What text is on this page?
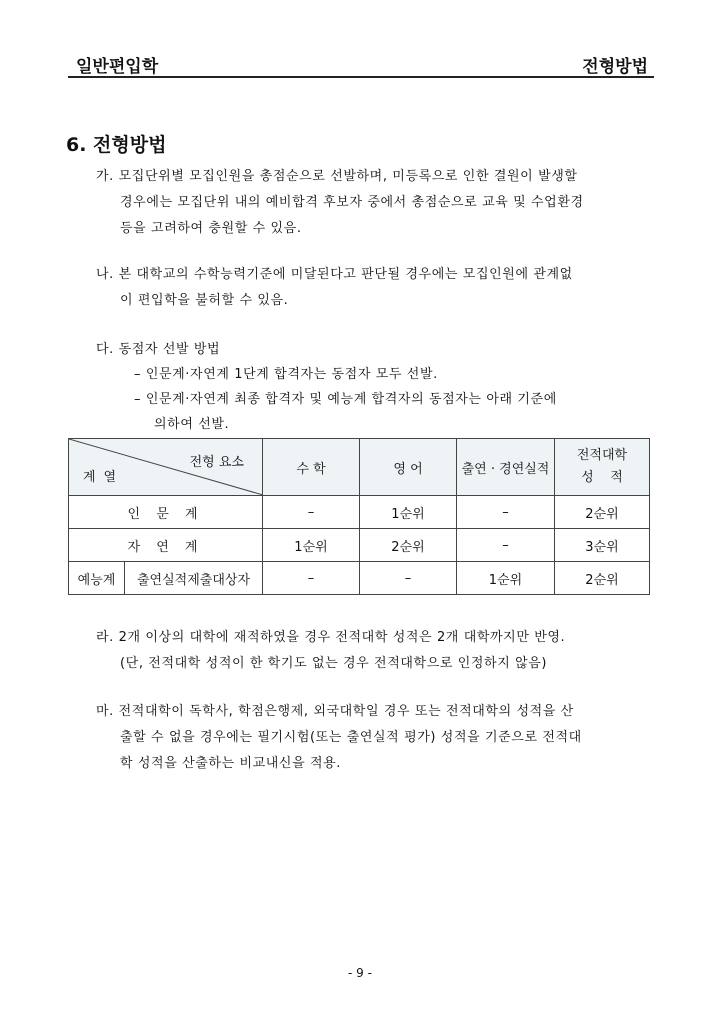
일반편입학	전형방법
6. 전형방법
가. 모집단위별 모집인원을 총점순으로 선발하며, 미등록으로 인한 결원이 발생할
경우에는 모집단위 내의 예비합격 후보자 중에서 총점순으로 교육 및 수업환경
등을 고려하여 충원할 수 있음.
나. 본 대학교의 수학능력기준에 미달된다고 판단될 경우에는 모집인원에 관계없
이 편입학을 불허할 수 있음.
다. 동점자 선발 방법
– 인문계·자연계 1단계 합격자는 동점자 모두 선발.
– 인문계·자연계 최종 합격자 및 예능계 합격자의 동점자는 아래 기준에
의하여 선발.
전형 요소
계열		수 학	영 어	출연 · 경연실적	전적대학
성    적

인 문 계		–	1순위	–	2순위
자 연 계		1순위	2순위	–	3순위
예능계	출연실적제출대상자	–	–	1순위	2순위
라. 2개 이상의 대학에 재적하였을 경우 전적대학 성적은 2개 대학까지만 반영.
(단, 전적대학 성적이 한 학기도 없는 경우 전적대학으로 인정하지 않음)
마. 전적대학이 독학사, 학점은행제, 외국대학일 경우 또는 전적대학의 성적을 산
출할 수 없을 경우에는 필기시험(또는 출연실적 평가) 성적을 기준으로 전적대
학 성적을 산출하는 비교내신을 적용.
- 9 -
